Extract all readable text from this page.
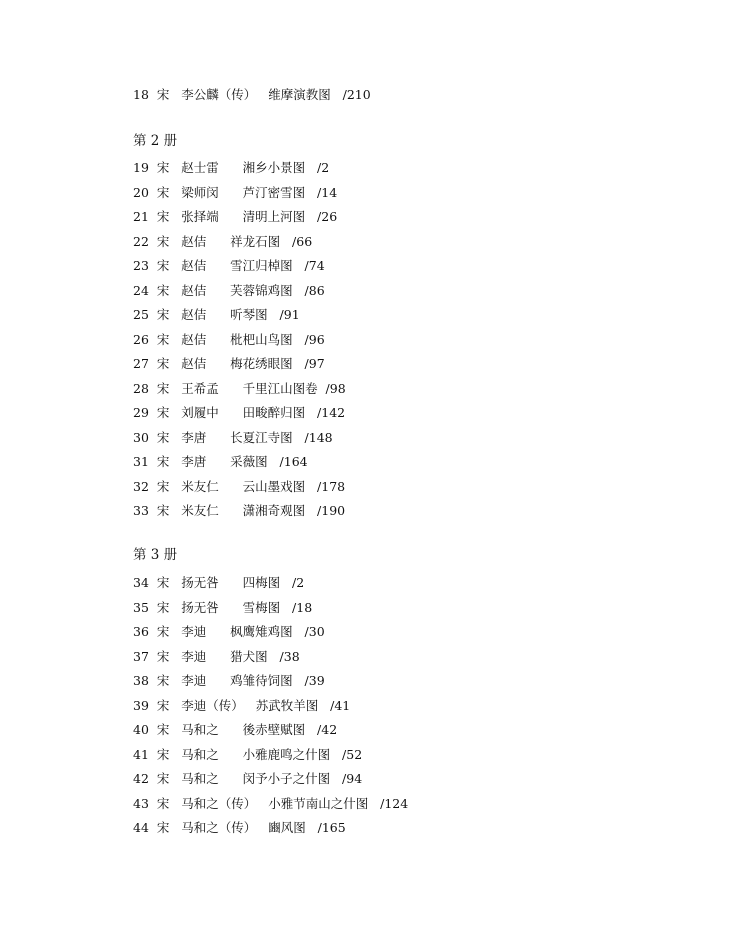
18  宋   李公麟（传）   维摩演教图   /210
第 2 册
19  宋   赵士雷      湘乡小景图   /2
20  宋   梁师闵      芦汀密雪图   /14
21  宋   张择端      清明上河图   /26
22  宋   赵佶      祥龙石图   /66
23  宋   赵佶      雪江归棹图   /74
24  宋   赵佶      芙蓉锦鸡图   /86
25  宋   赵佶      听琴图   /91
26  宋   赵佶      枇杷山鸟图   /96
27  宋   赵佶      梅花绣眼图   /97
28  宋   王希孟      千里江山图卷  /98
29  宋   刘履中      田畯醉归图   /142
30  宋   李唐      长夏江寺图   /148
31  宋   李唐      采薇图   /164
32  宋   米友仁      云山墨戏图   /178
33  宋   米友仁      潇湘奇观图   /190
第 3 册
34  宋   扬无咎      四梅图   /2
35  宋   扬无咎      雪梅图   /18
36  宋   李迪      枫鹰雉鸡图   /30
37  宋   李迪      猎犬图   /38
38  宋   李迪      鸡雏待饲图   /39
39  宋   李迪（传）   苏武牧羊图   /41
40  宋   马和之      後赤壁赋图   /42
41  宋   马和之      小雅鹿鸣之什图   /52
42  宋   马和之      闵予小子之什图   /94
43  宋   马和之（传）   小雅节南山之什图   /124
44  宋   马和之（传）   豳风图   /165
